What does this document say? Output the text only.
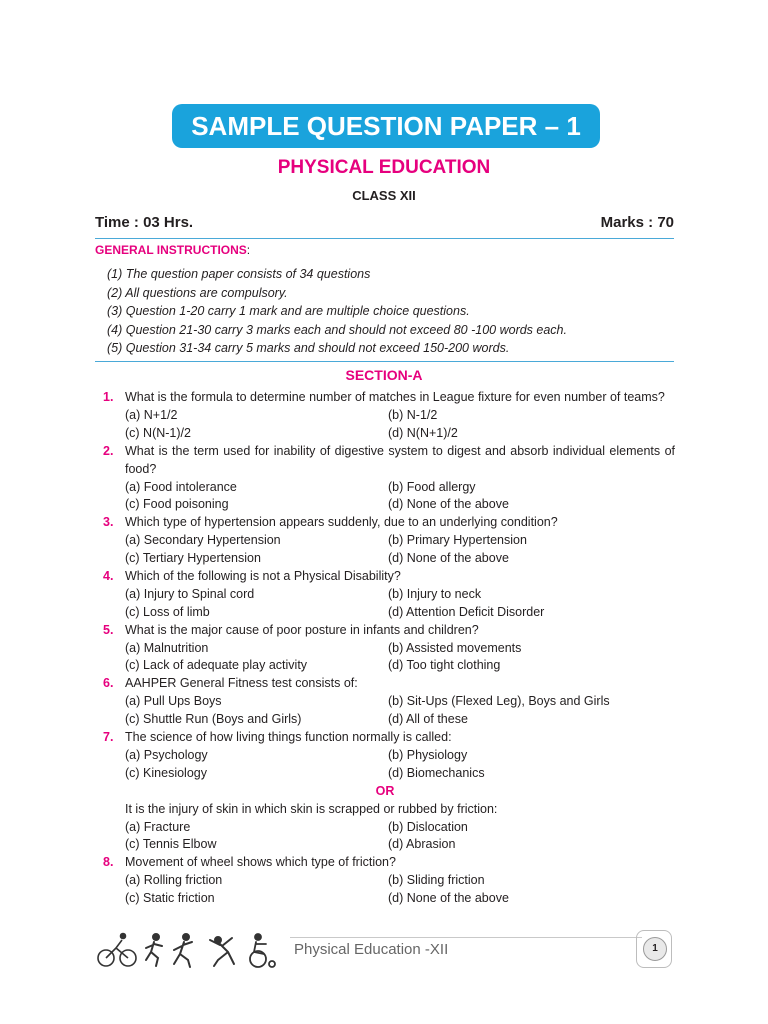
SAMPLE QUESTION PAPER – 1
PHYSICAL EDUCATION
CLASS XII
Time : 03 Hrs.	Marks : 70
GENERAL INSTRUCTIONS:
(1) The question paper consists of 34 questions
(2) All questions are compulsory.
(3) Question 1-20 carry 1 mark and are multiple choice questions.
(4) Question 21-30 carry 3 marks each and should not exceed 80 -100 words each.
(5) Question 31-34 carry 5 marks and should not exceed 150-200 words.
SECTION-A
1. What is the formula to determine number of matches in League fixture for even number of teams?
(a) N+1/2	(b) N-1/2
(c) N(N-1)/2	(d) N(N+1)/2
2. What is the term used for inability of digestive system to digest and absorb individual elements of food?
(a) Food intolerance	(b) Food allergy
(c) Food poisoning	(d) None of the above
3. Which type of hypertension appears suddenly, due to an underlying condition?
(a) Secondary Hypertension	(b) Primary Hypertension
(c) Tertiary Hypertension	(d) None of the above
4. Which of the following is not a Physical Disability?
(a) Injury to Spinal cord	(b) Injury to neck
(c) Loss of limb	(d) Attention Deficit Disorder
5. What is the major cause of poor posture in infants and children?
(a) Malnutrition	(b) Assisted movements
(c) Lack of adequate play activity	(d) Too tight clothing
6. AAHPER General Fitness test consists of:
(a) Pull Ups Boys	(b) Sit-Ups (Flexed Leg), Boys and Girls
(c) Shuttle Run (Boys and Girls)	(d) All of these
7. The science of how living things function normally is called:
(a) Psychology	(b) Physiology
(c) Kinesiology	(d) Biomechanics
OR
It is the injury of skin in which skin is scrapped or rubbed by friction:
(a) Fracture	(b) Dislocation
(c) Tennis Elbow	(d) Abrasion
8. Movement of wheel shows which type of friction?
(a) Rolling friction	(b) Sliding friction
(c) Static friction	(d) None of the above
Physical Education -XII	1
